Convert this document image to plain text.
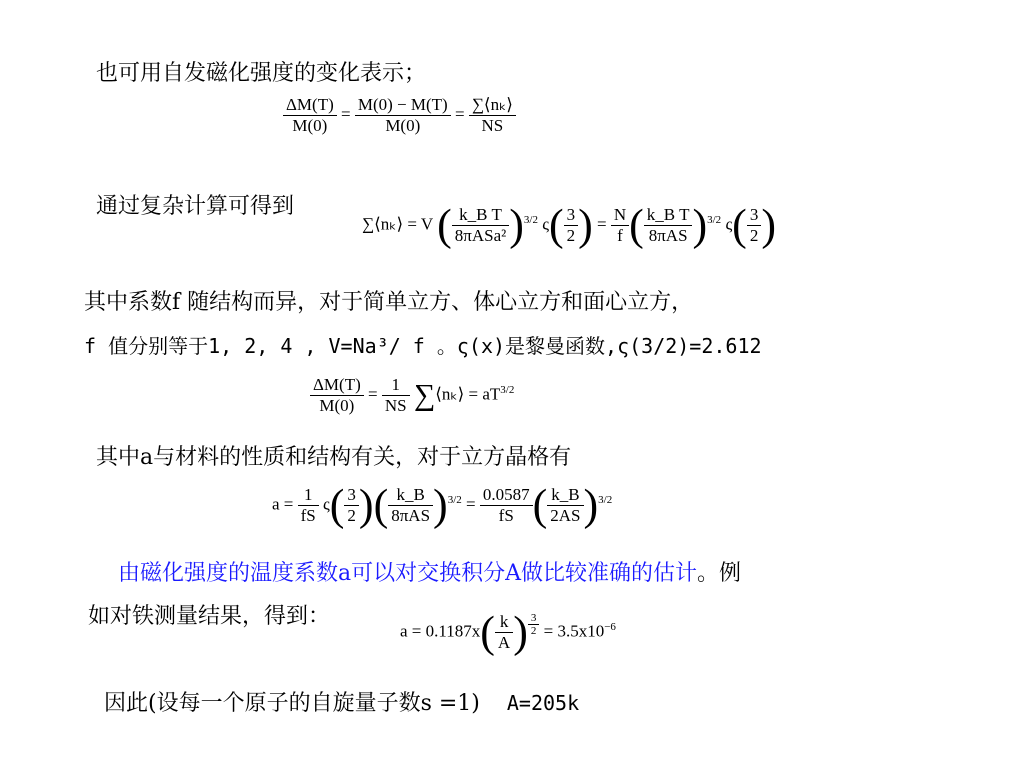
也可用自发磁化强度的变化表示；
$\frac{\Delta M(T)}{M(0)} = \frac{M(0) - M(T)}{M(0)} = \frac{\text{∑⟨nₖ⟩}}{NS}$
通过复杂计算可得到
∑⟨nₖ⟩ = V ( $\frac{\text{k\_B T}}{\text{8πASa²}} )^{3/2}$ $\varsigma( \frac{3}{2}$ ) = $\frac{N}{f}$ ( $\frac{\text{k\_B T}}{\text{8πAS}} )^{3/2}$ $\varsigma( \frac{3}{2}$ )
其中系数f 随结构而异，对于简单立方、体心立方和面心立方，
f 值分别等于1, 2, 4 , V=Na³/ f 。ς(x)是黎曼函数,ς(3/2)=2.612
$\frac{\Delta M(T)}{M(0)} = \frac{1}{NS}$ ∑⟨nₖ⟩ = $aT^{3/2}$
其中a与材料的性质和结构有关，对于立方晶格有
$a = \frac{1}{fS} \varsigma( \frac{3}{2}$ )( $\frac{k\_B}{\text{8πAS}} )^{3/2} = \frac{0.0587}{fS}$ ( $\frac{k\_B}{2AS} )^{3/2}$
由磁化强度的温度系数a可以对交换积分A做比较准确的估计。例
如对铁测量结果，得到：
$a = 0.1187x( \frac{k}{A}$ ) $\frac{3}{2} = 3.5x10^{-6}$
因此(设每一个原子的自旋量子数s =1) A=205k
